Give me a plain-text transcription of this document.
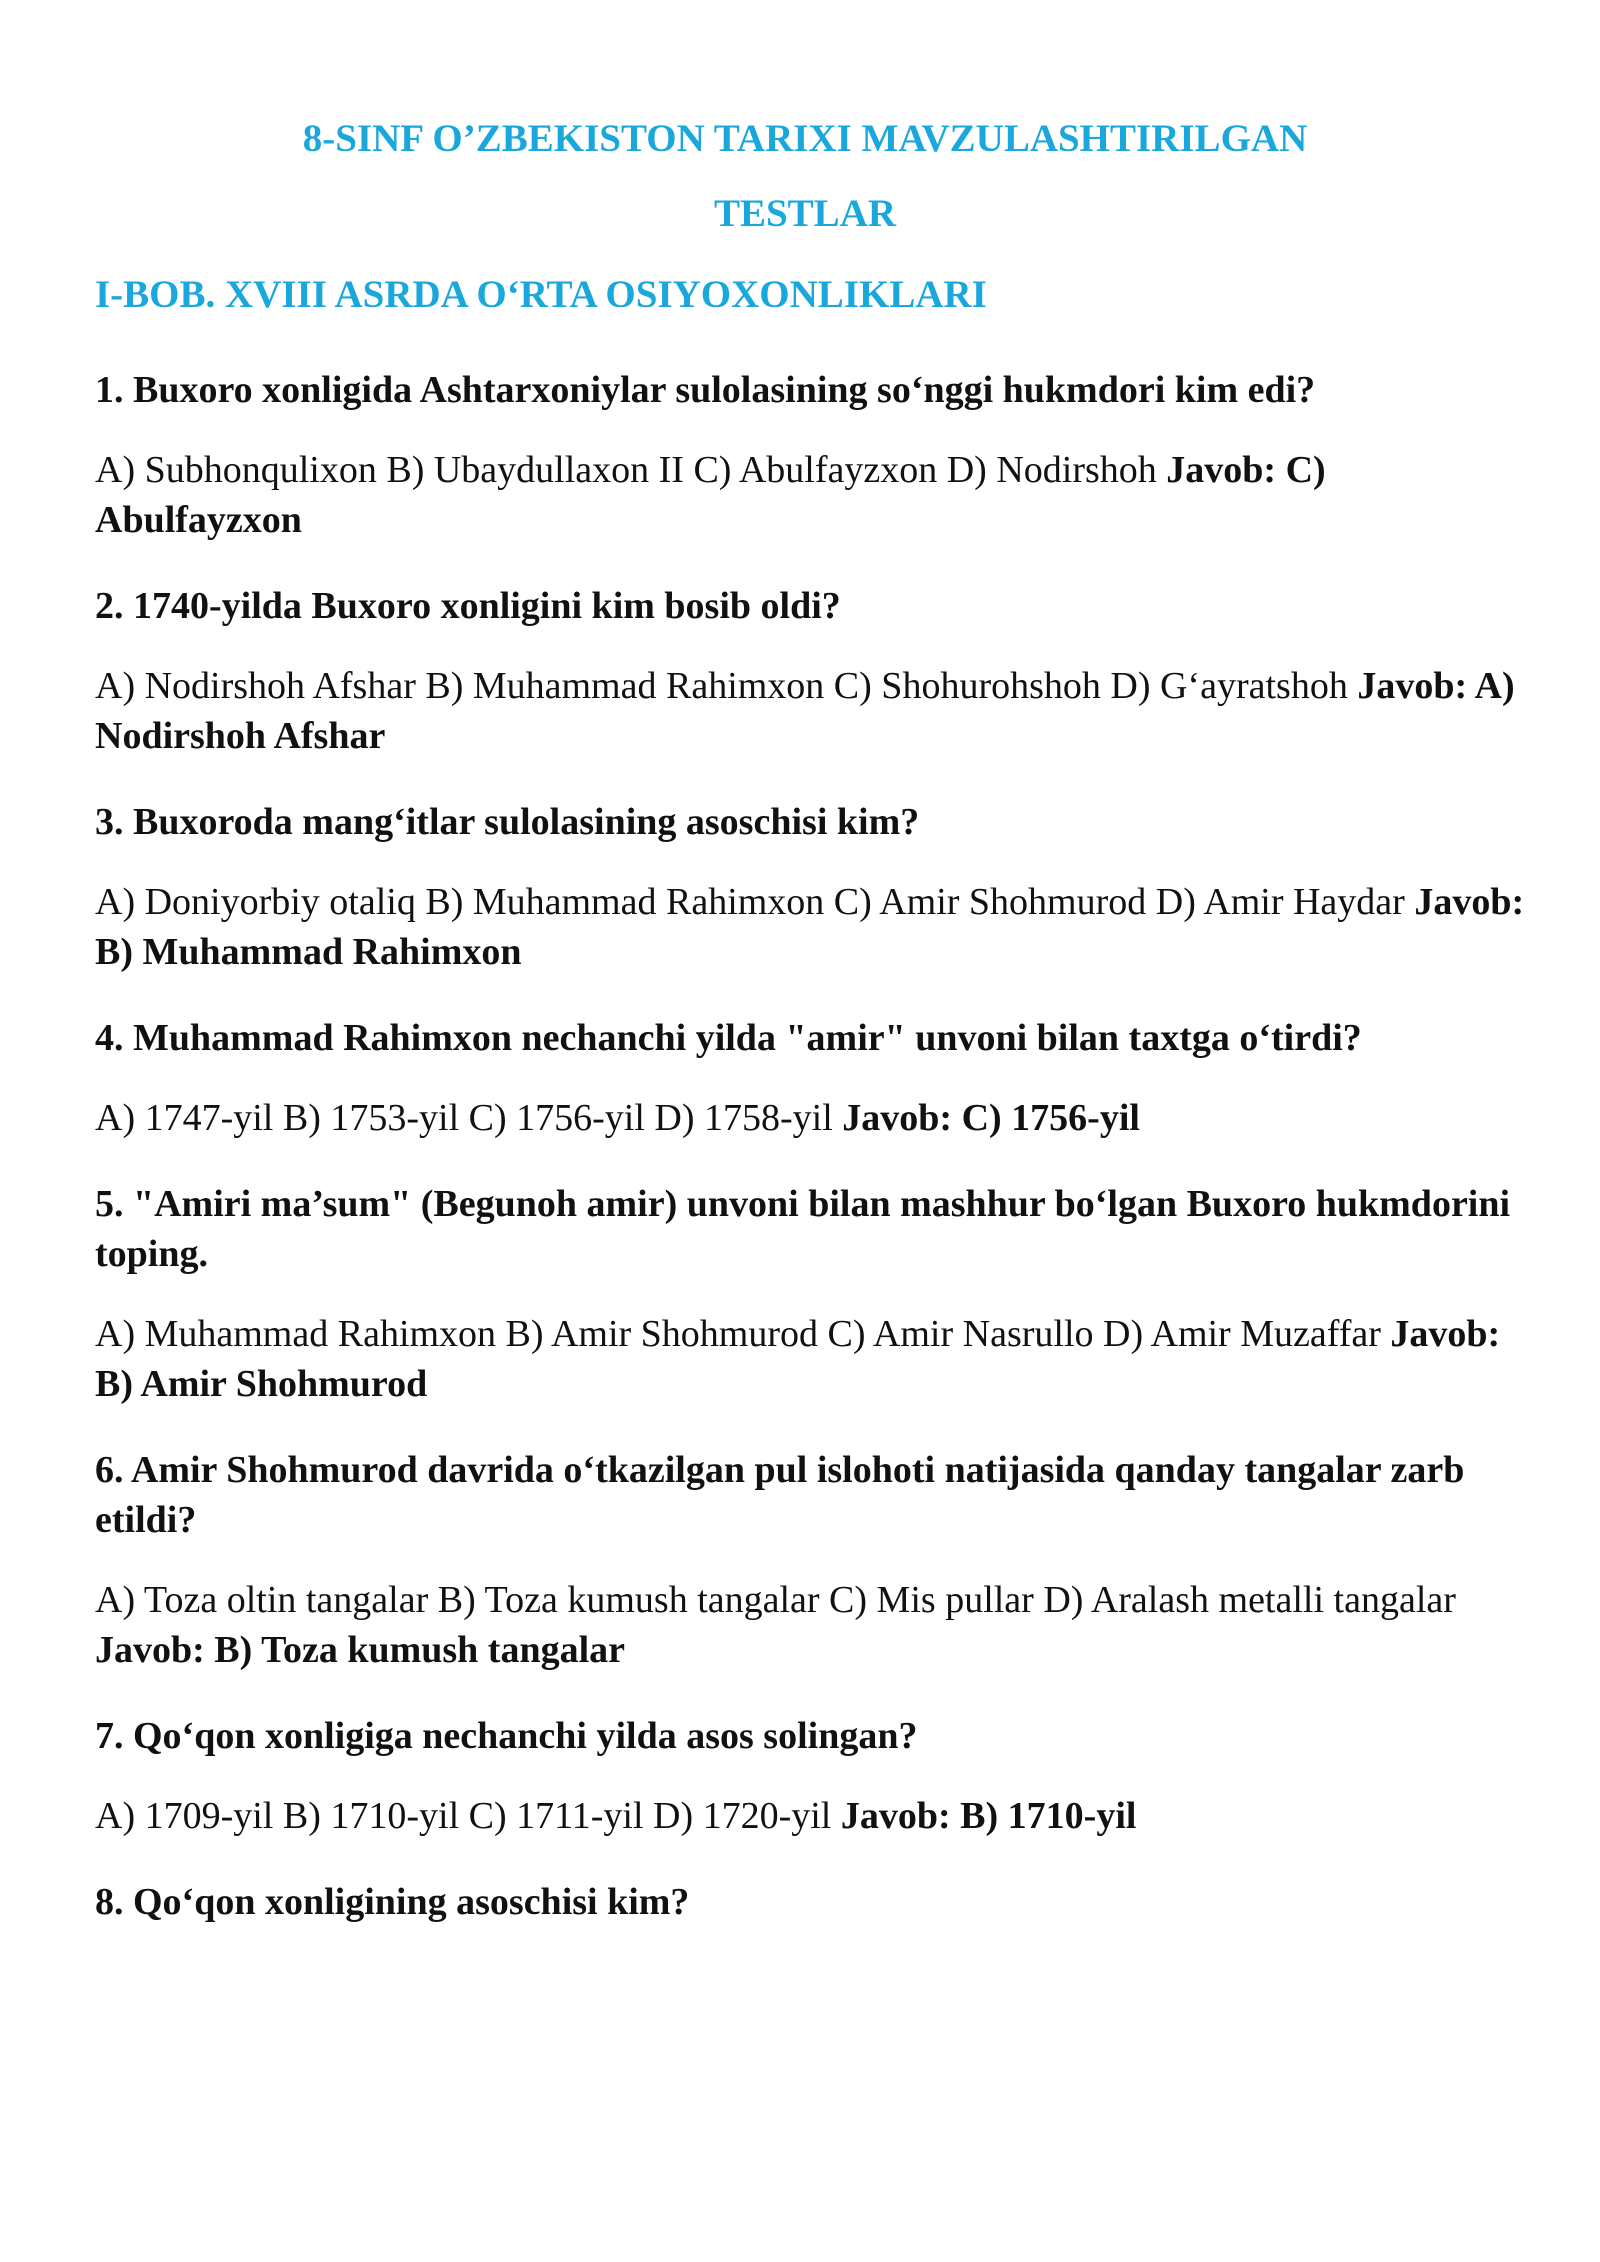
8-SINF O’ZBEKISTON TARIXI MAVZULASHTIRILGAN
TESTLAR
I-BOB. XVIII ASRDA O‘RTA OSIYOXONLIKLARI

1. Buxoro xonligida Ashtarxoniylar sulolasining so‘nggi hukmdori kim edi?

A) Subhonqulixon B) Ubaydullaxon II C) Abulfayzxon D) Nodirshoh Javob: C) Abulfayzxon

2. 1740-yilda Buxoro xonligini kim bosib oldi?

A) Nodirshoh Afshar B) Muhammad Rahimxon C) Shohurohshoh D) G‘ayratshoh Javob: A) Nodirshoh Afshar

3. Buxoroda mang‘itlar sulolasining asoschisi kim?

A) Doniyorbiy otaliq B) Muhammad Rahimxon C) Amir Shohmurod D) Amir Haydar Javob: B) Muhammad Rahimxon

4. Muhammad Rahimxon nechanchi yilda "amir" unvoni bilan taxtga o‘tirdi?

A) 1747-yil B) 1753-yil C) 1756-yil D) 1758-yil Javob: C) 1756-yil

5. "Amiri ma’sum" (Begunoh amir) unvoni bilan mashhur bo‘lgan Buxoro hukmdorini toping.

A) Muhammad Rahimxon B) Amir Shohmurod C) Amir Nasrullo D) Amir Muzaffar Javob: B) Amir Shohmurod

6. Amir Shohmurod davrida o‘tkazilgan pul islohoti natijasida qanday tangalar zarb etildi?

A) Toza oltin tangalar B) Toza kumush tangalar C) Mis pullar D) Aralash metalli tangalar Javob: B) Toza kumush tangalar

7. Qo‘qon xonligiga nechanchi yilda asos solingan?

A) 1709-yil B) 1710-yil C) 1711-yil D) 1720-yil Javob: B) 1710-yil

8. Qo‘qon xonligining asoschisi kim?
